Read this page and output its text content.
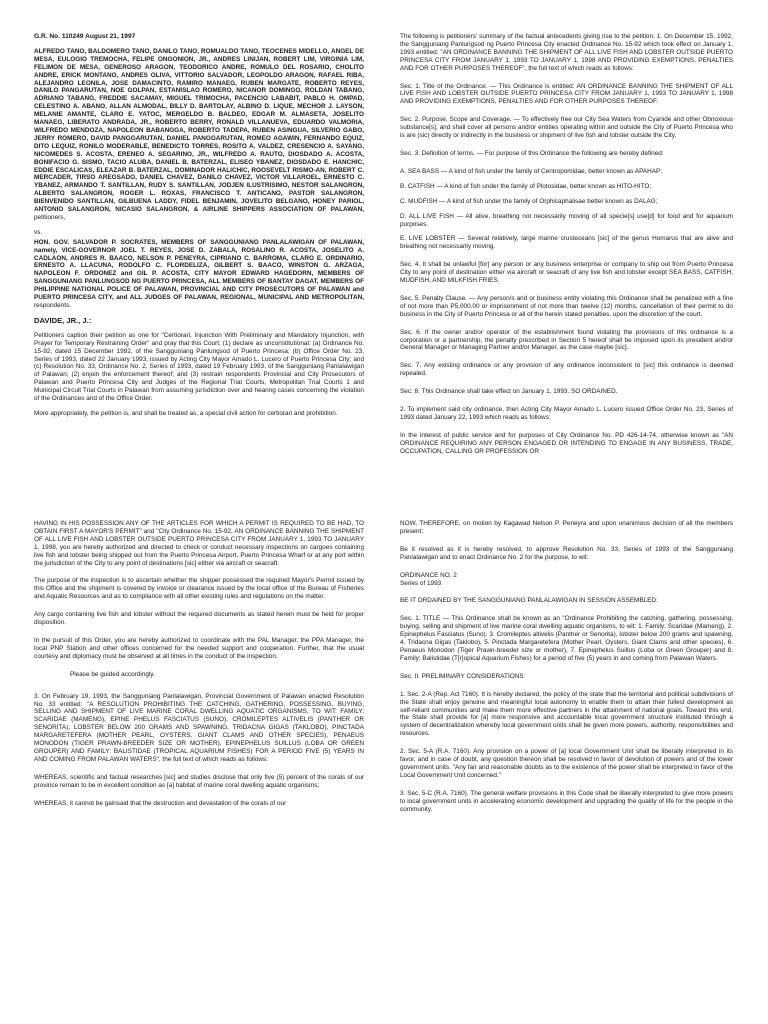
G.R. No. 110249 August 21, 1997

ALFREDO TANO, BALDOMERO TANO, DANILO TANO, ROMUALDO TANO, TEOCENES MIDELLO, ANGEL DE MESA, EULOGIO TREMOCHA, FELIPE ONGONION, JR., ANDRES LINIJAN, ROBERT LIM, VIRGINIA LIM, FELIMON DE MESA, GENEROSO ARAGON, TEODORICO ANDRE, ROMULO DEL ROSARIO, CHOLITO ANDRE, ERICK MONTANO, ANDRES OLIVA, VITTORIO SALVADOR, LEOPOLDO ARAGON, RAFAEL RIBA, ALEJANDRO LEONILA, JOSE DAMACINTO, RAMIRO MANAEG, RUBEN MARGATE, ROBERTO REYES, DANILO PANGARUTAN, NOE GOLPAN, ESTANISLAO ROMERO, NICANOR DOMINGO, ROLDAN TABANG, ADRIANO TABANG, FREDDIE SACAMAY, MIGUEL TRIMOCHA, PACENCIO LABABIT, PABLO H. OMPAD, CELESTINO A. ABANO, ALLAN ALMODAL, BILLY D. BARTOLAY, ALBINO D. LIQUE, MECHOR J. LAYSON, MELANIE AMANTE, CLARO E. YATOC, MERGELDO B. BALDEO, EDGAR M. ALMASETA, JOSELITO MANAEG, LIBERATO ANDRADA, JR., ROBERTO BERRY, RONALD VILLANUEVA, EDUARDO VALMORIA, WILFREDO MENDOZA, NAPOLEON BABANGGA, ROBERTO TADEPA, RUBEN ASINGUA, SILVERIO GABO, JERRY ROMERO, DAVID PANGGARUTAN, DANIEL PANGGARUTAN, ROMEO AGAWIN, FERNANDO EQUIZ, DITO LEQUIZ, RONILO MODERABLE, BENEDICTO TORRES, ROSITO A. VALDEZ, CRESENCIO A. SAYANG, NICOMEDES S. ACOSTA, ERENEO A. SEGARINO, JR., WILFREDO A. RAUTO, DIOSDADO A. ACOSTA, BONIFACIO G. SISMO, TACIO ALUBA, DANIEL B. BATERZAL, ELISEO YBANEZ, DIOSDADO E. HANCHIC, EDDIE ESCALICAS, ELEAZAR B. BATERZAL, DOMINADOR HALICHIC, ROOSEVELT RISMO-AN, ROBERT C. MERCADER, TIRSO AREGSADO, DANIEL CHAVEZ, DANILO CHAVEZ, VICTOR VILLAROEL, ERNESTO C. YBANEZ, ARMANDO T. SANTILLAN, RUDY S. SANTILLAN, JODJEN ILUSTRISIMO, NESTOR SALANGRON, ALBERTO SALANGRON, ROGER L. ROXAS, FRANCISCO T. ANTICANO, PASTOR SALANGRON, BIENVENIDO SANTILLAN, GILBUENA LADDY, FIDEL BENJAMIN, JOVELITO BELGANO, HONEY PARIOL, ANTONIO SALANGRON, NICASIO SALANGRON, & AIRLINE SHIPPERS ASSOCIATION OF PALAWAN, petitioners,

vs.

HON. GOV. SALVADOR P. SOCRATES, MEMBERS OF SANGGUNIANG PANLALAWIGAN OF PALAWAN, namely, VICE-GOVERNOR JOEL T. REYES, JOSE D. ZABALA, ROSALINO R. ACOSTA, JOSELITO A. CADLAON, ANDRES R. BAACO, NELSON P. PENEYRA, CIPRIANO C. BARROMA, CLARO E. ORDINARIO, ERNESTO A. LLACUNA, RODOLFO C. FLORDELIZA, GILBERT S. BAACO, WINSTON G. ARZAGA, NAPOLEON F. ORDONEZ and GIL P. ACOSTA, CITY MAYOR EDWARD HAGEDORN, MEMBERS OF SANGGUNIANG PANLUNGSOD NG PUERTO PRINCESA, ALL MEMBERS OF BANTAY DAGAT, MEMBERS OF PHILIPPINE NATIONAL POLICE OF PALAWAN, PROVINCIAL AND CITY PROSECUTORS OF PALAWAN and PUERTO PRINCESA CITY, and ALL JUDGES OF PALAWAN, REGIONAL, MUNICIPAL AND METROPOLITAN, respondents.

DAVIDE, JR., J.:

Petitioners caption their petition as one for "Certiorari, Injunction With Preliminary and Mandatory Injunction, with Prayer for Temporary Restraining Order" and pray that this Court: (1) declare as unconstitutional: (a) Ordinance No. 15-92, dated 15 December 1992, of the Sangguniang Panlungsod of Puerto Princesa; (b) Office Order No. 23, Series of 1993, dated 22 January 1993, issued by Acting City Mayor Amado L. Lucero of Puerto Princesa City; and (c) Resolution No. 33, Ordinance No. 2, Series of 1993, dated 19 February 1993, of the Sangguniang Panlalawigan of Palawan; (2) enjoin the enforcement thereof; and (3) restrain respondents Provincial and City Prosecutors of Palawan and Puerto Princesa City and Judges of the Regional Trial Courts, Metropolitan Trial Courts 1 and Municipal Circuit Trial Courts in Palawan from assuming jurisdiction over and hearing cases concerning the violation of the Ordinances and of the Office Order.

More appropriately, the petition is, and shall be treated as, a special civil action for certiorari and prohibition.

The following is petitioners' summary of the factual antecedents giving rise to the petition: 1. On December 15, 1992, the Sangguniang Panlungsod ng Puerto Princesa City enacted Ordinance No. 15-92 which took effect on January 1, 1993 entitled: "AN ORDINANCE BANNING THE SHIPMENT OF ALL LIVE FISH AND LOBSTER OUTSIDE PUERTO PRINCESA CITY FROM JANUARY 1, 1993 TO JANUARY 1, 1998 AND PROVIDING EXEMPTIONS, PENALTIES AND FOR OTHER PURPOSES THEREOF", the full text of which reads as follows:

Sec. 1. Title of the Ordinance. — This Ordinance is entitled: AN ORDINANCE BANNING THE SHIPMENT OF ALL LIVE FISH AND LOBSTER OUTSIDE PUERTO PRINCESA CITY FROM JANUARY 1, 1993 TO JANUARY 1, 1998 AND PROVIDING EXEMPTIONS, PENALTIES AND FOR OTHER PURPOSES THEREOF.

Sec. 2. Purpose, Scope and Coverage. — To effectively free our City Sea Waters from Cyanide and other Obnoxious substance[s], and shall cover all persons and/or entities operating within and outside the City of Puerto Princesa who is are (sic) directly or indirectly in the business or shipment of live fish and lobster outside the City.

Sec. 3. Definition of terms. — For purpose of this Ordinance the following are hereby defined:

A. SEA BASS — A kind of fish under the family of Centropomidae, better known as APAHAP;

B. CATFISH — A kind of fish under the family of Plotosidae, better known as HITO-HITO;

C. MUDFISH — A kind of fish under the family of Orphicaphalisae better known as DALAG;

D. ALL LIVE FISH — All alive, breathing not necessarily moving of all specie[s] use[d] for food and for aquarium purposes.

E. LIVE LOBSTER — Several relatively, large marine crusteceans [sic] of the genus Homarus that are alive and breathing not necessarily moving.

Sec. 4. It shall be unlawful [for] any person or any business enterprise or company to ship out from Puerto Princesa City to any point of destination either via aircraft or seacraft of any live fish and lobster except SEA BASS, CATFISH, MUDFISH, AND MILKFISH FRIES.

Sec. 5. Penalty Clause. — Any person/s and or business entity violating this Ordinance shall be penalized with a fine of not more than P5,000.00 or imprisonment of not more than twelve (12) months, cancellation of their permit to do business in the City of Puerto Princesa or all of the herein stated penalties, upon the discretion of the court.

Sec. 6. If the owner and/or operator of the establishment found violating the provisions of this ordinance is a corporation or a partnership, the penalty prescribed in Section 5 hereof shall be imposed upon its president and/or General Manager or Managing Partner and/or Manager, as the case maybe [sic].

Sec. 7. Any existing ordinance or any provision of any ordinance inconsistent to [sic] this ordinance is deemed repealed.

Sec. 8. This Ordinance shall take effect on January 1, 1993. SO ORDAINED.

2. To implement said city ordinance, then Acting City Mayor Amado L. Lucero issued Office Order No. 23, Series of 1993 dated January 22, 1993 which reads as follows:

In the interest of public service and for purposes of City Ordinance No. PD 426-14-74, otherwise known as "AN ORDINANCE REQUIRING ANY PERSON ENGAGED OR INTENDING TO ENGAGE IN ANY BUSINESS, TRADE, OCCUPATION, CALLING OR PROFESSION OR

HAVING IN HIS POSSESSION ANY OF THE ARTICLES FOR WHICH A PERMIT IS REQUIRED TO BE HAD, TO OBTAIN FIRST A MAYOR'S PERMIT" and "City Ordinance No. 15-92, AN ORDINANCE BANNING THE SHIPMENT OF ALL LIVE FISH AND LOBSTER OUTSIDE PUERTO PRINCESA CITY FROM JANUARY 1, 1993 TO JANUARY 1, 1998, you are hereby authorized and directed to check or conduct necessary inspections on cargoes containing live fish and lobster being shipped out from the Puerto Princesa Airport, Puerto Princesa Wharf or at any port within the jurisdiction of the City to any point of destinations [sic] either via aircraft or seacraft.

The purpose of the inspection is to ascertain whether the shipper possessed the required Mayor's Permit issued by this Office and the shipment is covered by invoice or clearance issued by the local office of the Bureau of Fisheries and Aquatic Resources and as to compliance with all other existing rules and regulations on the matter.

Any cargo containing live fish and lobster without the required documents as stated herein must be held for proper disposition.

In the pursuit of this Order, you are hereby authorized to coordinate with the PAL Manager, the PPA Manager, the local PNP Station and other offices concerned for the needed support and cooperation. Further, that the usual courtesy and diplomacy must be observed at all times in the conduct of the inspection.

Please be guided accordingly.

3. On February 19, 1993, the Sangguniang Panlalawigan, Provincial Government of Palawan enacted Resolution No. 33 entitled: "A RESOLUTION PROHIBITING THE CATCHING, GATHERING, POSSESSING, BUYING, SELLING AND SHIPMENT OF LIVE MARINE CORAL DWELLING AQUATIC ORGANISMS, TO WIT: FAMILY: SCARIDAE (MAMENG), EPINE PHELUS FASCIATUS (SUNO), CROMILEPTES ALTIVELIS (PANTHER OR SENORITA), LOBSTER BELOW 200 GRAMS AND SPAWNING, TRIDACNA GIGAS (TAKLOBO), PINCTADA MARGARETEFERA (MOTHER PEARL, OYSTERS, GIANT CLAMS AND OTHER SPECIES), PENAEUS MONODON (TIGER PRAWN-BREEDER SIZE OR MOTHER), EPINEPHELUS SUILLUS (LOBA OR GREEN GROUPER) AND FAMILY: BALISTIDAE (TROPICAL AQUARIUM FISHES) FOR A PERIOD FIVE (5) YEARS IN AND COMING FROM PALAWAN WATERS", the full text of which reads as follows:

WHEREAS, scientific and factual researches [sic] and studies disclose that only five (5) percent of the corals of our province remain to be in excellent condition as [a] habitat of marine coral dwelling aquatic organisms;

WHEREAS, it cannot be gainsaid that the destruction and devastation of the corals of our

NOW, THEREFORE, on motion by Kagawad Nelson P. Peneyra and upon unanimous decision of all the members present;

Be it resolved as it is hereby resolved, to approve Resolution No. 33, Series of 1993 of the Sangguniang Panlalawigan and to enact Ordinance No. 2 for the purpose, to wit:

ORDINANCE NO. 2

Series of 1993

BE IT ORDAINED BY THE SANGGUNIANG PANLALAWIGAN IN SESSION ASSEMBLED:

Sec. 1. TITLE — This Ordinance shall be known as an "Ordinance Prohibiting the catching, gathering, possessing, buying, selling and shipment of live marine coral dwelling aquatic organisms, to wit: 1. Family: Scaridae (Mameng), 2. Epinephelus Fasciatus (Suno). 3. Cromileptes altivelis (Panther or Senorita), lobster below 200 grams and spawning, 4. Tridacna Gigas (Taklobo), 5. Pinctada Margaretefera (Mother Pearl, Oysters, Giant Clams and other species), 6. Penaeus Monodon (Tiger Prawn-breeder size or mother), 7. Epinephelus Suillus (Loba or Green Grouper) and 8. Family: Balistidae (T[r]opical Aquarium Fishes) for a period of five (5) years in and coming from Palawan Waters.

Sec. II. PRELIMINARY CONSIDERATIONS

1. Sec. 2-A (Rep. Act 7160). It is hereby declared, the policy of the state that the territorial and political subdivisions of the State shall enjoy genuine and meaningful local autonomy to enable them to attain their fullest development as self-reliant communities and make them more effective partners in the attainment of national goals. Toward this end, the State shall provide for [a] more responsive and accountable local government structure instituted through a system of decentralization whereby local government units shall be given more powers, authority, responsibilities and resources.

2. Sec. 5-A (R.A. 7160). Any provision on a power of [a] local Government Unit shall be liberally interpreted in its favor, and in case of doubt, any question thereon shall be resolved in favor of devolution of powers and of the lower government units. "Any fair and reasonable doubts as to the existence of the power shall be interpreted in favor of the Local Government Unit concerned."

3. Sec. 5-C (R.A. 7160). The general welfare provisions in this Code shall be liberally interpreted to give more powers to local government units in accelerating economic development and upgrading the quality of life for the people in the community.
